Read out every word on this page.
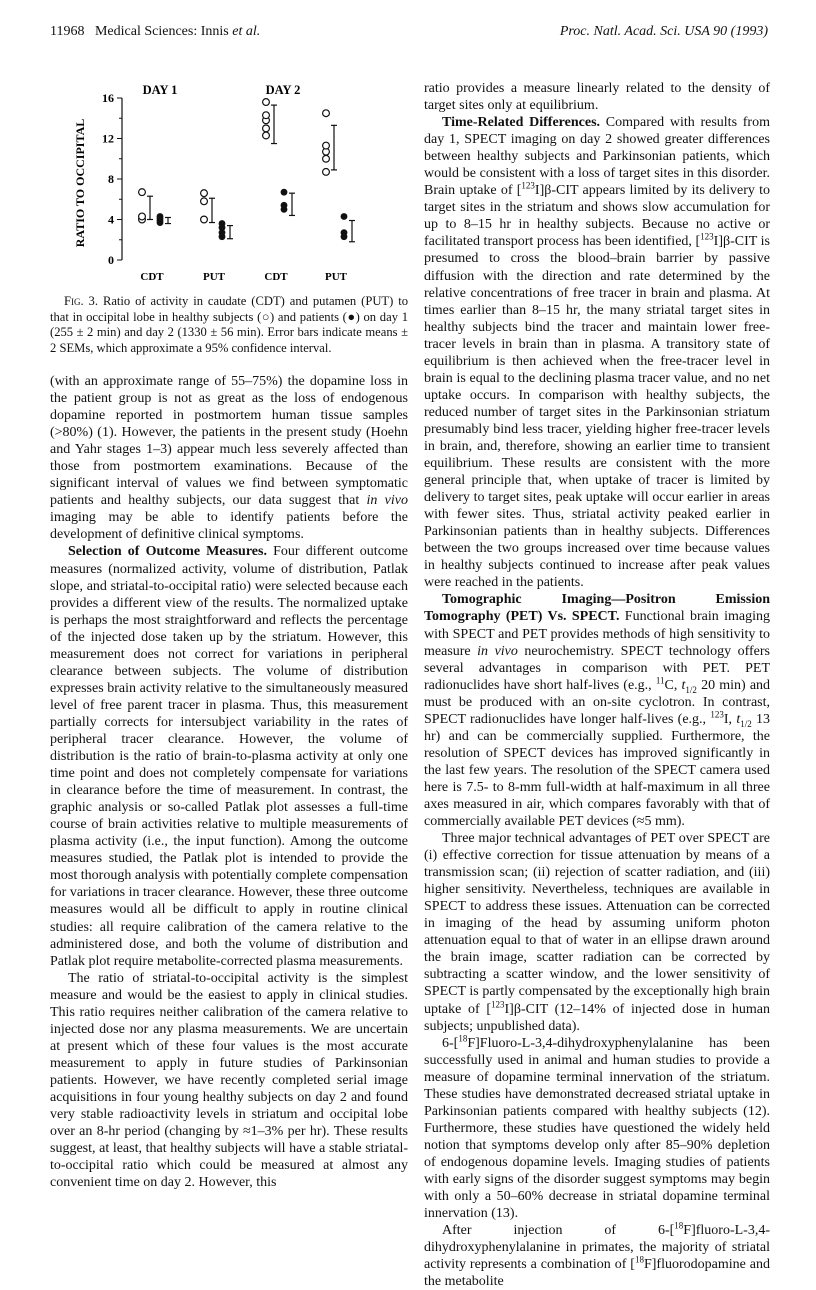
11968 Medical Sciences: Innis et al.	Proc. Natl. Acad. Sci. USA 90 (1993)
0
4
8
12
16
CDT	PUT	CDT	PUT
DAY 1	DAY 2
RATIO TO OCCIPITAL

Fig. 3. Ratio of activity in caudate (CDT) and putamen (PUT) to that in occipital lobe in healthy subjects (○) and patients (●) on day 1 (255 ± 2 min) and day 2 (1330 ± 56 min). Error bars indicate means ± 2 SEMs, which approximate a 95% confidence interval.

(with an approximate range of 55–75%) the dopamine loss in the patient group is not as great as the loss of endogenous dopamine reported in postmortem human tissue samples (>80%) (1). However, the patients in the present study (Hoehn and Yahr stages 1–3) appear much less severely affected than those from postmortem examinations. Because of the significant interval of values we find between symptomatic patients and healthy subjects, our data suggest that in vivo imaging may be able to identify patients before the development of definitive clinical symptoms.

Selection of Outcome Measures. Four different outcome measures (normalized activity, volume of distribution, Patlak slope, and striatal-to-occipital ratio) were selected because each provides a different view of the results. The normalized uptake is perhaps the most straightforward and reflects the percentage of the injected dose taken up by the striatum. However, this measurement does not correct for variations in peripheral clearance between subjects. The volume of distribution expresses brain activity relative to the simultaneously measured level of free parent tracer in plasma. Thus, this measurement partially corrects for intersubject variability in the rates of peripheral tracer clearance. However, the volume of distribution is the ratio of brain-to-plasma activity at only one time point and does not completely compensate for variations in clearance before the time of measurement. In contrast, the graphic analysis or so-called Patlak plot assesses a full-time course of brain activities relative to multiple measurements of plasma activity (i.e., the input function). Among the outcome measures studied, the Patlak plot is intended to provide the most thorough analysis with potentially complete compensation for variations in tracer clearance. However, these three outcome measures would all be difficult to apply in routine clinical studies: all require calibration of the camera relative to the administered dose, and both the volume of distribution and Patlak plot require metabolite-corrected plasma measurements.

The ratio of striatal-to-occipital activity is the simplest measure and would be the easiest to apply in clinical studies. This ratio requires neither calibration of the camera relative to injected dose nor any plasma measurements. We are uncertain at present which of these four values is the most accurate measurement to apply in future studies of Parkinsonian patients. However, we have recently completed serial image acquisitions in four young healthy subjects on day 2 and found very stable radioactivity levels in striatum and occipital lobe over an 8-hr period (changing by ≈1–3% per hr). These results suggest, at least, that healthy subjects will have a stable striatal-to-occipital ratio which could be measured at almost any convenient time on day 2. However, this

ratio provides a measure linearly related to the density of target sites only at equilibrium.

Time-Related Differences. Compared with results from day 1, SPECT imaging on day 2 showed greater differences between healthy subjects and Parkinsonian patients, which would be consistent with a loss of target sites in this disorder. Brain uptake of [$^{123}$I]β-CIT appears limited by its delivery to target sites in the striatum and shows slow accumulation for up to 8–15 hr in healthy subjects. Because no active or facilitated transport process has been identified, [$^{123}$I]β-CIT is presumed to cross the blood–brain barrier by passive diffusion with the direction and rate determined by the relative concentrations of free tracer in brain and plasma. At times earlier than 8–15 hr, the many striatal target sites in healthy subjects bind the tracer and maintain lower free-tracer levels in brain than in plasma. A transitory state of equilibrium is then achieved when the free-tracer level in brain is equal to the declining plasma tracer value, and no net uptake occurs. In comparison with healthy subjects, the reduced number of target sites in the Parkinsonian striatum presumably bind less tracer, yielding higher free-tracer levels in brain, and, therefore, showing an earlier time to transient equilibrium. These results are consistent with the more general principle that, when uptake of tracer is limited by delivery to target sites, peak uptake will occur earlier in areas with fewer sites. Thus, striatal activity peaked earlier in Parkinsonian patients than in healthy subjects. Differences between the two groups increased over time because values in healthy subjects continued to increase after peak values were reached in the patients.

Tomographic Imaging—Positron Emission Tomography (PET) Vs. SPECT. Functional brain imaging with SPECT and PET provides methods of high sensitivity to measure in vivo neurochemistry. SPECT technology offers several advantages in comparison with PET. PET radionuclides have short half-lives (e.g., $^{11}$C, $t_{1/2}$ 20 min) and must be produced with an on-site cyclotron. In contrast, SPECT radionuclides have longer half-lives (e.g., $^{123}$I, $t_{1/2}$ 13 hr) and can be commercially supplied. Furthermore, the resolution of SPECT devices has improved significantly in the last few years. The resolution of the SPECT camera used here is 7.5- to 8-mm full-width at half-maximum in all three axes measured in air, which compares favorably with that of commercially available PET devices (≈5 mm).

Three major technical advantages of PET over SPECT are (i) effective correction for tissue attenuation by means of a transmission scan; (ii) rejection of scatter radiation, and (iii) higher sensitivity. Nevertheless, techniques are available in SPECT to address these issues. Attenuation can be corrected in imaging of the head by assuming uniform photon attenuation equal to that of water in an ellipse drawn around the brain image, scatter radiation can be corrected by subtracting a scatter window, and the lower sensitivity of SPECT is partly compensated by the exceptionally high brain uptake of [$^{123}$I]β-CIT (12–14% of injected dose in human subjects; unpublished data).

6-[$^{18}$F]Fluoro-L-3,4-dihydroxyphenylalanine has been successfully used in animal and human studies to provide a measure of dopamine terminal innervation of the striatum. These studies have demonstrated decreased striatal uptake in Parkinsonian patients compared with healthy subjects (12). Furthermore, these studies have questioned the widely held notion that symptoms develop only after 85–90% depletion of endogenous dopamine levels. Imaging studies of patients with early signs of the disorder suggest symptoms may begin with only a 50–60% decrease in striatal dopamine terminal innervation (13).

After injection of 6-[$^{18}$F]fluoro-L-3,4-dihydroxyphenylalanine in primates, the majority of striatal activity represents a combination of [$^{18}$F]fluorodopamine and the metabolite
